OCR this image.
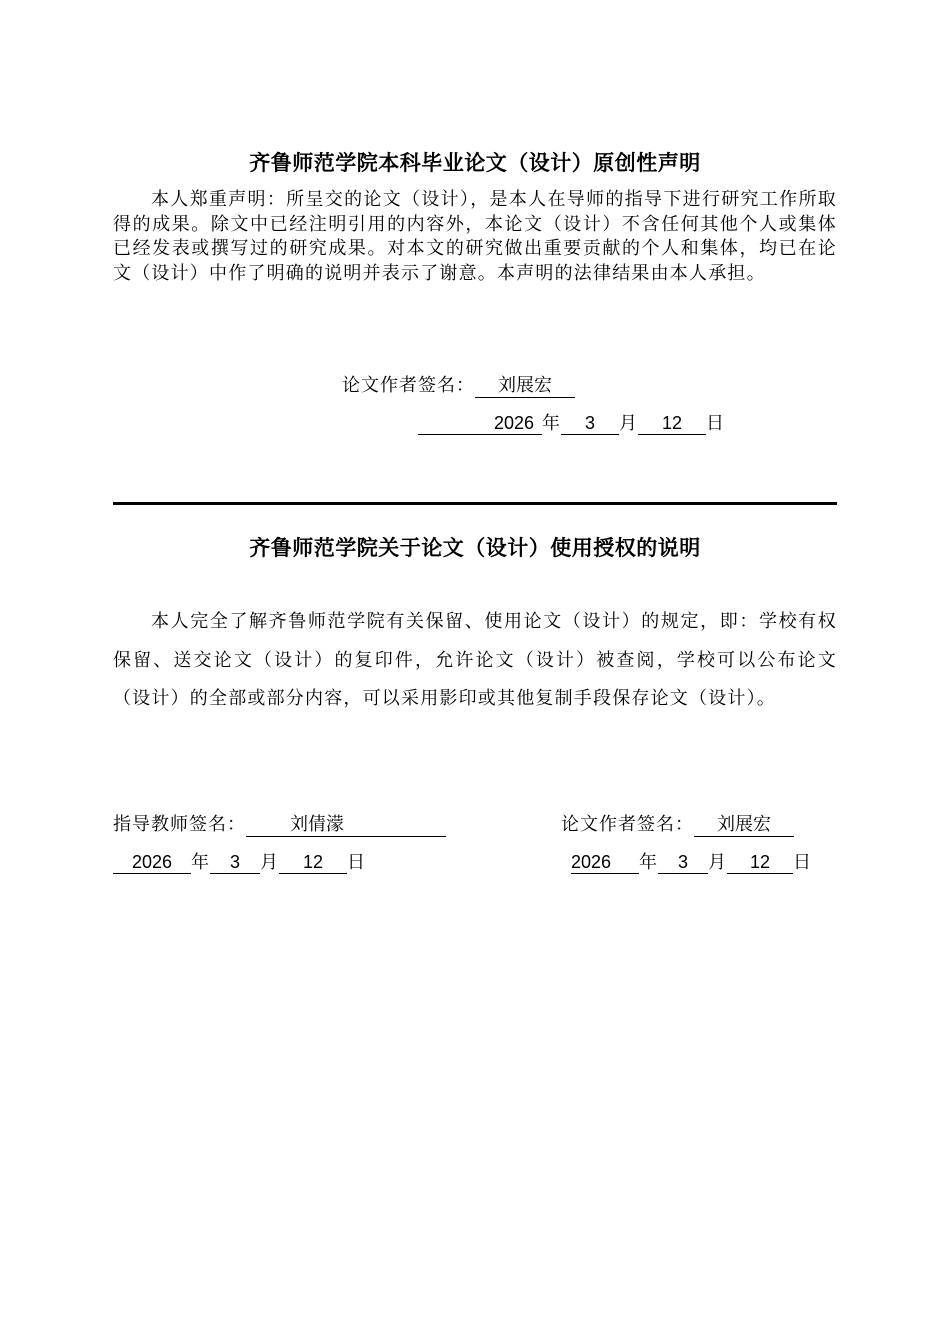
齐鲁师范学院本科毕业论文（设计）原创性声明
本人郑重声明：所呈交的论文（设计），是本人在导师的指导下进行研究工作所取得的成果。除文中已经注明引用的内容外，本论文（设计）不含任何其他个人或集体已经发表或撰写过的研究成果。对本文的研究做出重要贡献的个人和集体，均已在论文（设计）中作了明确的说明并表示了谢意。本声明的法律结果由本人承担。
论文作者签名： 刘展宏
2026 年 3 月 12 日
齐鲁师范学院关于论文（设计）使用授权的说明
本人完全了解齐鲁师范学院有关保留、使用论文（设计）的规定，即：学校有权保留、送交论文（设计）的复印件，允许论文（设计）被查阅，学校可以公布论文（设计）的全部或部分内容，可以采用影印或其他复制手段保存论文（设计）。
指导教师签名： 刘倩濛	论文作者签名： 刘展宏
2026 年 3 月 12 日	2026 年 3 月 12 日
